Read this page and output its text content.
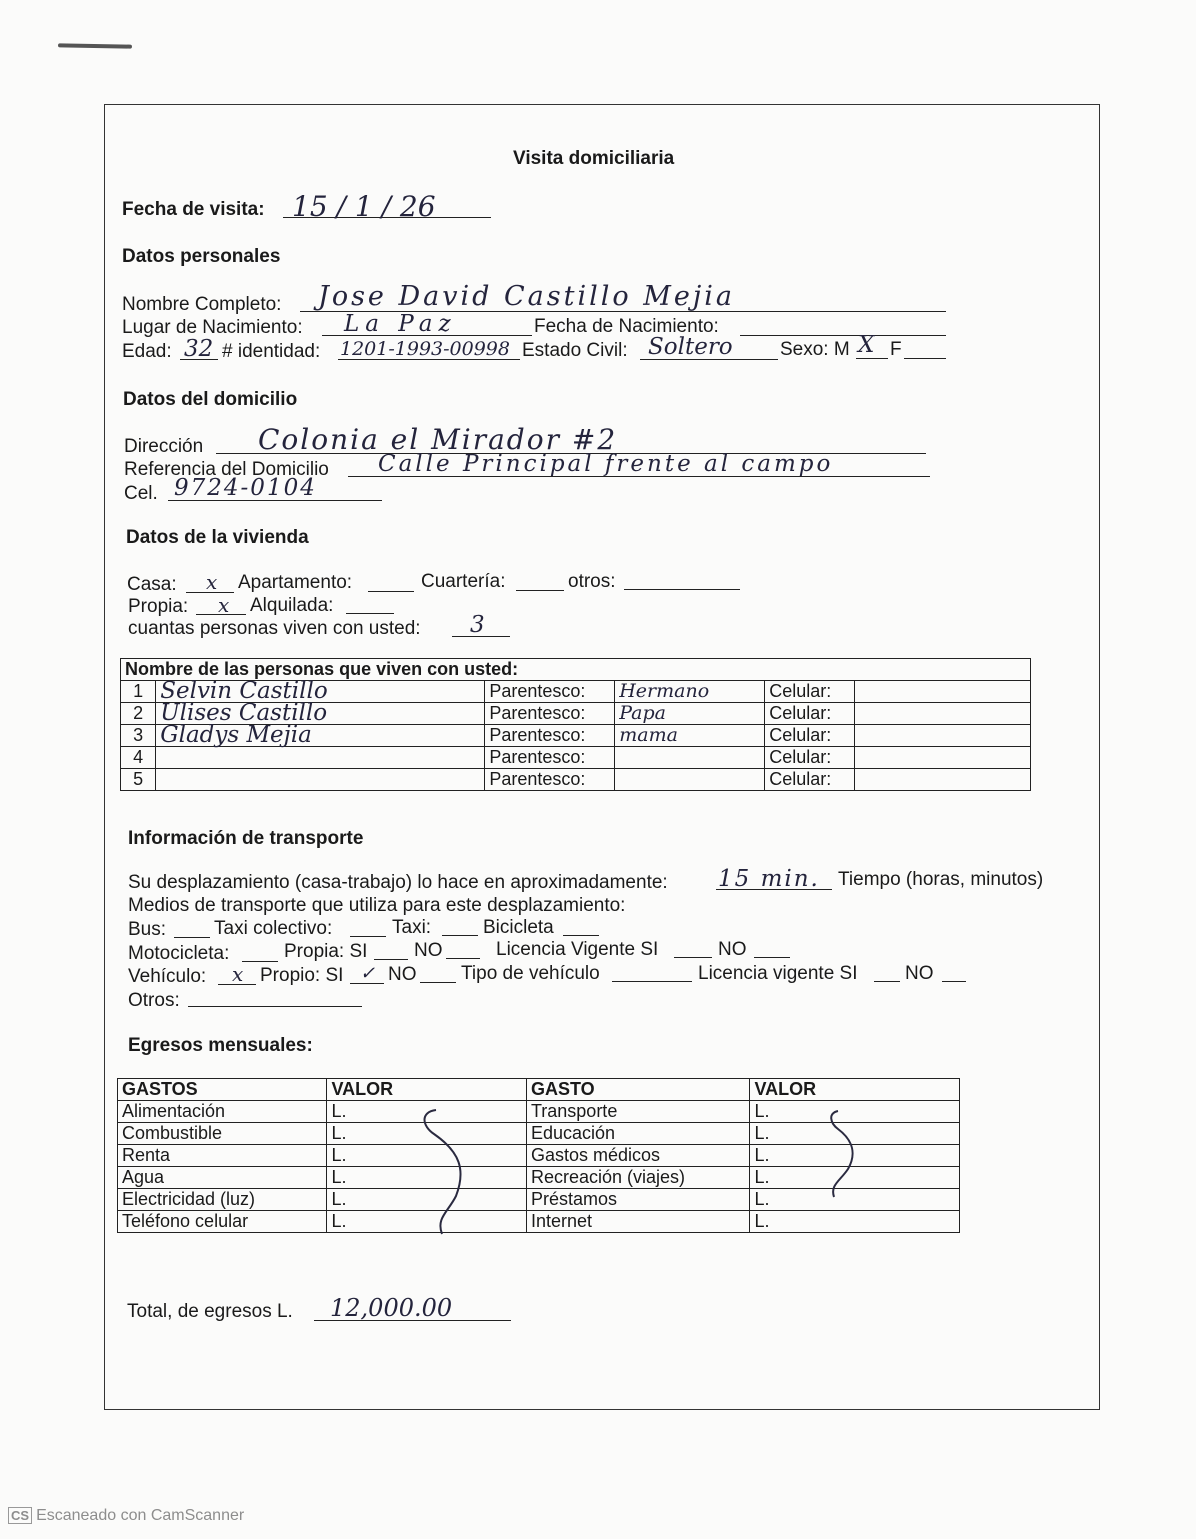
Visita domiciliaria
Fecha de visita: 15 / 1 / 26
Datos personales
Nombre Completo: Jose David Castillo Mejia
Lugar de Nacimiento: La Paz	Fecha de Nacimiento:
Edad: 32 # identidad: 1201-1993-00998 Estado Civil: Soltero Sexo: M X F
Datos del domicilio
Dirección Colonia el Mirador #2
Referencia del Domicilio Calle Principal frente al campo
Cel. 9724-0104
Datos de la vivienda
Casa: x Apartamento:	Cuartería:	otros:
Propia: x Alquilada:
cuantas personas viven con usted: 3
Nombre de las personas que viven con usted:					
1	Selvin Castillo	Parentesco:	Hermano	Celular:	
2	Ulises Castillo	Parentesco:	Papa	Celular:	
3	Gladys Mejia	Parentesco:	mama	Celular:	
4		Parentesco:		Celular:	
5		Parentesco:		Celular:	
Información de transporte
Su desplazamiento (casa-trabajo) lo hace en aproximadamente: 15 min. Tiempo (horas, minutos)
Medios de transporte que utiliza para este desplazamiento:
Bus:	Taxi colectivo:	Taxi:	Bicicleta
Motocicleta:	Propia: SI NO	Licencia Vigente SI	NO
Vehículo: x Propio: SI ✓ NO Tipo de vehículo	Licencia vigente SI	NO
Otros:
Egresos mensuales:
GASTOS	VALOR	GASTO	VALOR
Alimentación	L.	Transporte	L.
Combustible	L.	Educación	L.
Renta	L.	Gastos médicos	L.
Agua	L.	Recreación (viajes)	L.
Electricidad (luz)	L.	Préstamos	L.
Teléfono celular	L.	Internet	L.
Total, de egresos L. 12,000.00
CS Escaneado con CamScanner
